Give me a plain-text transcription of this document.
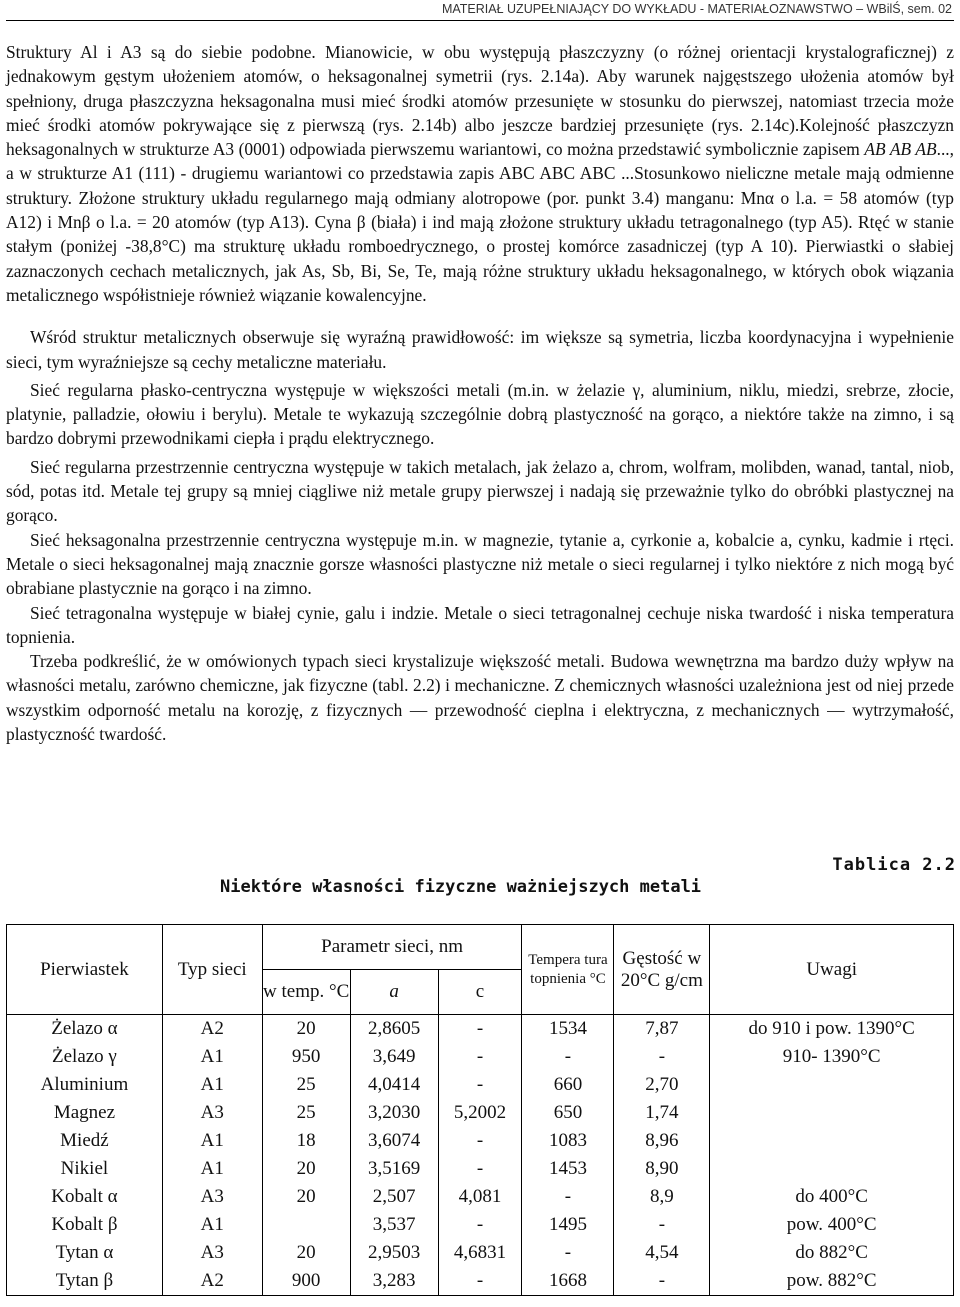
MATERIAŁ UZUPEŁNIAJĄCY DO WYKŁADU - MATERIAŁOZNAWSTWO – WBilŚ, sem. 02

Struktury Al i A3 są do siebie podobne. Mianowicie, w obu występują płaszczyzny (o różnej orientacji krystalograficznej) z jednakowym gęstym ułożeniem atomów, o heksagonalnej symetrii (rys. 2.14a). Aby warunek najgęstszego ułożenia atomów był spełniony, druga płaszczyzna heksagonalna musi mieć środki atomów przesunięte w stosunku do pierwszej, natomiast trzecia może mieć środki atomów pokrywające się z pierwszą (rys. 2.14b) albo jeszcze bardziej przesunięte (rys. 2.14c).Kolejność płaszczyzn heksagonalnych w strukturze A3 (0001) odpowiada pierwszemu wariantowi, co można przedstawić symbolicznie zapisem AB AB AB..., a w strukturze A1 (111) - drugiemu wariantowi co przedstawia zapis ABC ABC ABC ...Stosunkowo nieliczne metale mają odmienne struktury. Złożone struktury układu regularnego mają odmiany alotropowe (por. punkt 3.4) manganu: Mnα o l.a. = 58 atomów (typ A12) i Mnβ o l.a. = 20 atomów (typ A13). Cyna β (biała) i ind mają złożone struktury układu tetragonalnego (typ A5). Rtęć w stanie stałym (poniżej -38,8°C) ma strukturę układu romboedrycznego, o prostej komórce zasadniczej (typ A 10). Pierwiastki o słabiej zaznaczonych cechach metalicznych, jak As, Sb, Bi, Se, Te, mają różne struktury układu heksagonalnego, w których obok wiązania metalicznego współistnieje również wiązanie kowalencyjne.

Wśród struktur metalicznych obserwuje się wyraźną prawidłowość: im większe są symetria, liczba koordynacyjna i wypełnienie sieci, tym wyraźniejsze są cechy metaliczne materiału.

Sieć regularna płasko-centryczna występuje w większości metali (m.in. w żelazie γ, aluminium, niklu, miedzi, srebrze, złocie, platynie, palladzie, ołowiu i berylu). Metale te wykazują szczególnie dobrą plastyczność na gorąco, a niektóre także na zimno, i są bardzo dobrymi przewodnikami ciepła i prądu elektrycznego.

Sieć regularna przestrzennie centryczna występuje w takich metalach, jak żelazo a, chrom, wolfram, molibden, wanad, tantal, niob, sód, potas itd. Metale tej grupy są mniej ciągliwe niż metale grupy pierwszej i nadają się przeważnie tylko do obróbki plastycznej na gorąco.

Sieć heksagonalna przestrzennie centryczna występuje m.in. w magnezie, tytanie a, cyrkonie a, kobalcie a, cynku, kadmie i rtęci. Metale o sieci heksagonalnej mają znacznie gorsze własności plastyczne niż metale o sieci regularnej i tylko niektóre z nich mogą być obrabiane plastycznie na gorąco i na zimno.

Sieć tetragonalna występuje w białej cynie, galu i indzie. Metale o sieci tetragonalnej cechuje niska twardość i niska temperatura topnienia.

Trzeba podkreślić, że w omówionych typach sieci krystalizuje większość metali. Budowa wewnętrzna ma bardzo duży wpływ na własności metalu, zarówno chemiczne, jak fizyczne (tabl. 2.2) i mechaniczne. Z chemicznych własności uzależniona jest od niej przede wszystkim odporność metalu na korozję, z fizycznych — przewodność cieplna i elektryczna, z mechanicznych — wytrzymałość, plastyczność twardość.

Tablica 2.2
Niektóre własności fizyczne ważniejszych metali
Pierwiastek	Typ sieci	Parametr sieci, nm			Tempera tura topnienia °C	Gęstość w 20°C g/cm	Uwagi
		w temp. °C	a	c			
Żelazo α	A2	20	2,8605	-	1534	7,87	do 910 i pow. 1390°C
Żelazo γ	A1	950	3,649	-	-	-	910- 1390°C
Aluminium	A1	25	4,0414	-	660	2,70	
Magnez	A3	25	3,2030	5,2002	650	1,74	
Miedź	A1	18	3,6074	-	1083	8,96	
Nikiel	A1	20	3,5169	-	1453	8,90	
Kobalt α	A3	20	2,507	4,081	-	8,9	do 400°C
Kobalt β	A1		3,537	-	1495	-	pow. 400°C
Tytan α	A3	20	2,9503	4,6831	-	4,54	do 882°C
Tytan β	A2	900	3,283	-	1668	-	pow. 882°C
